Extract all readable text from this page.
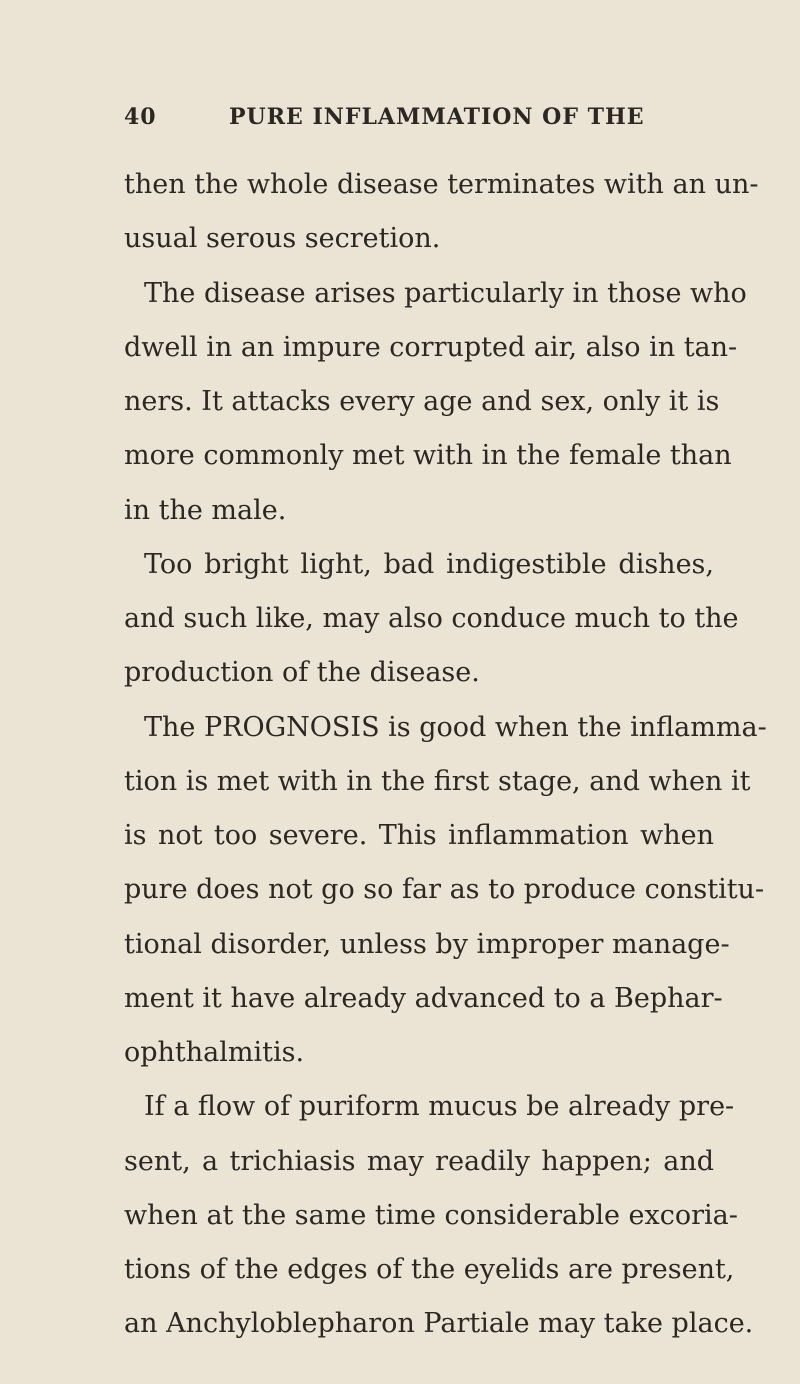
40	PURE INFLAMMATION OF THE
then the whole disease terminates with an un-
usual serous secretion.
The disease arises particularly in those who
dwell in an impure corrupted air, also in tan-
ners. It attacks every age and sex, only it is
more commonly met with in the female than
in the male.
Too bright light, bad indigestible dishes,
and such like, may also conduce much to the
production of the disease.
The PROGNOSIS is good when the inflamma-
tion is met with in the first stage, and when it
is not too severe. This inflammation when
pure does not go so far as to produce constitu-
tional disorder, unless by improper manage-
ment it have already advanced to a Bephar-
ophthalmitis.
If a flow of puriform mucus be already pre-
sent, a trichiasis may readily happen; and
when at the same time considerable excoria-
tions of the edges of the eyelids are present,
an Anchyloblepharon Partiale may take place.
